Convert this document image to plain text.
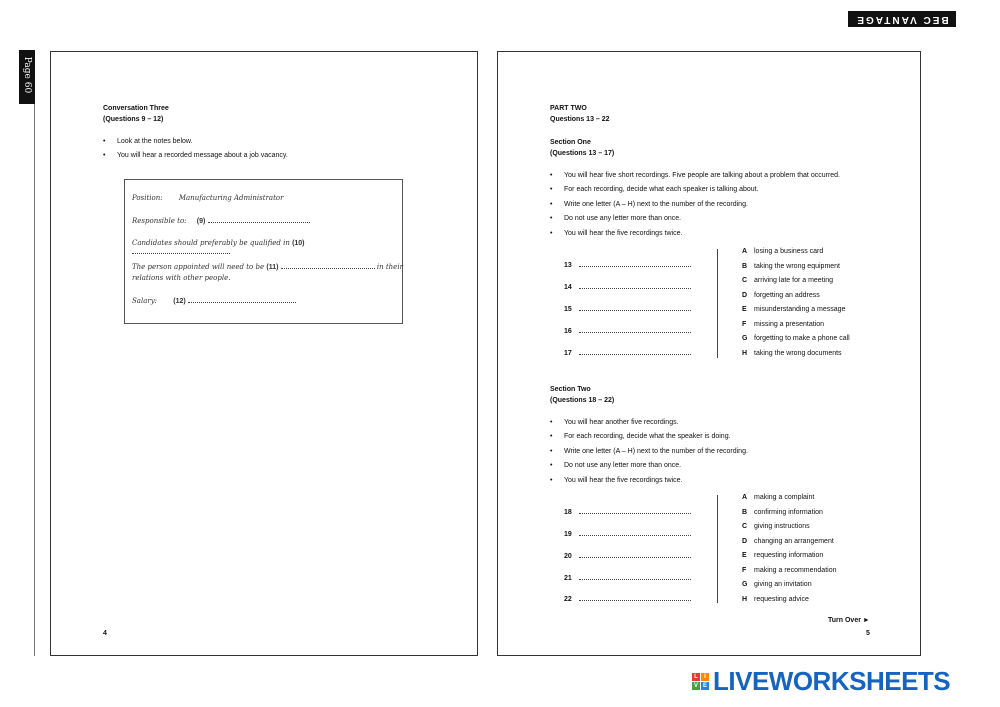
BEC VANTAGE
Page 60
Conversation Three
(Questions 9 – 12)
• Look at the notes below.
• You will hear a recorded message about a job vacancy.
Position: Manufacturing Administrator
Responsible to: (9)
Candidates should preferably be qualified in (10)
The person appointed will need to be (11)	in their
relations with other people.
Salary: (12)
4
PART TWO
Questions 13 – 22
Section One
(Questions 13 – 17)
• You will hear five short recordings. Five people are talking about a problem that occurred.
• For each recording, decide what each speaker is talking about.
• Write one letter (A – H) next to the number of the recording.
• Do not use any letter more than once.
• You will hear the five recordings twice.
13
14
15
16
17
A losing a business card
B taking the wrong equipment
C arriving late for a meeting
D forgetting an address
E misunderstanding a message
F missing a presentation
G forgetting to make a phone call
H taking the wrong documents
Section Two
(Questions 18 – 22)
• You will hear another five recordings.
• For each recording, decide what the speaker is doing.
• Write one letter (A – H) next to the number of the recording.
• Do not use any letter more than once.
• You will hear the five recordings twice.
18
19
20
21
22
A making a complaint
B confirming information
C giving instructions
D changing an arrangement
E requesting information
F making a recommendation
G giving an invitation
H requesting advice
Turn Over ►
5
L	I
V E LIVEWORKSHEETS
